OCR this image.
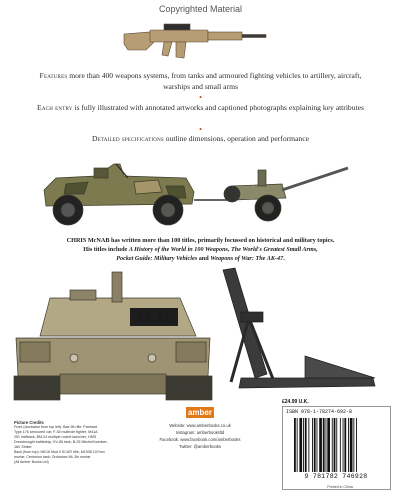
Copyrighted Material
Features more than 400 weapons systems, from tanks and armoured fighting vehicles to artillery, aircraft, warships and small arms
•
Each entry is fully illustrated with annotated artworks and captioned photographs explaining key attributes
•
Detailed specifications outline dimensions, operation and performance
CHRIS McNAB has written more than 100 titles, primarily focussed on historical and military topics.
His titles include A History of the World in 100 Weapons, The World's Greatest Small Arms,
Pocket Guide: Military Vehicles and Weapons of War: The AK-47.
1Z 1Z
Picture Credits
Front (clockwise from top left): Bae 96 rifle; Panhard
Type 176 armoured car; F-35 multirole fighter; M41A
251 halftrack; BM-24 multiple rocket launcher; HMS
Dreadnought battleship; KV-85 tank; B-25 Mitchell bomber;
JAV Striker
Back (from top): MK16 Mod 0 SCAR rifle; M1938 107mm
mortar; Centurion tank; Ordnance ML 3in mortar
(All Amber Books Ltd)
amber
Website: www.amberbooks.co.uk
Instagram: amberbooksltd
Facebook: www.facebook.com/amberbooks
Twitter: @amberbooks
£24.99 U.K.
ISBN 978-1-78274-692-8
9 781782 746928
Printed in China
